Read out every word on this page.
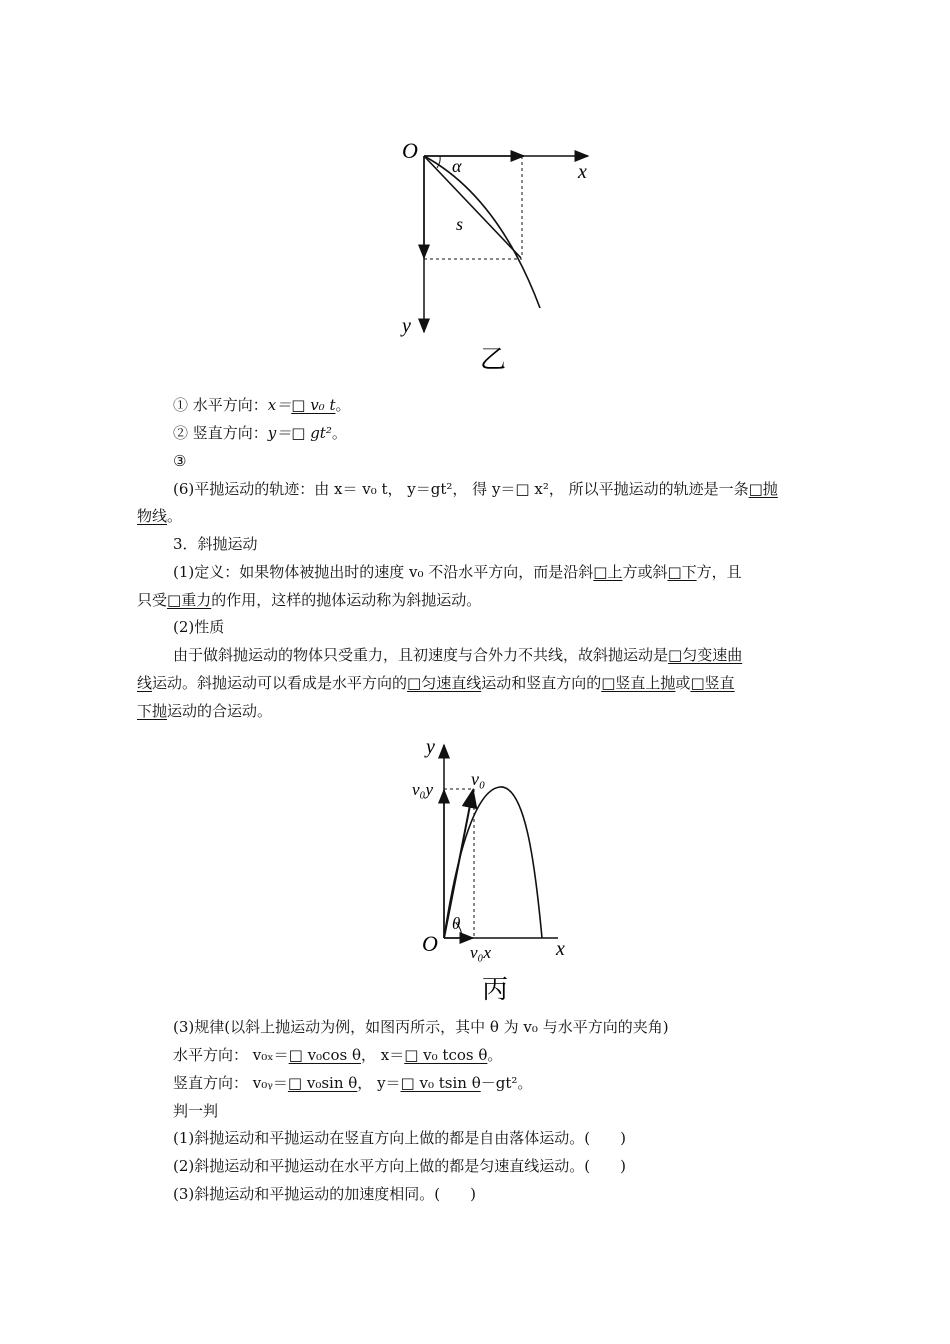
O
α	x
s
y
乙
① 水平方向：x＝□ v₀ t。
② 竖直方向：y＝□ gt²。
③
(6)平抛运动的轨迹：由 x＝ v₀ t， y＝gt²， 得 y＝□ x²， 所以平抛运动的轨迹是一条□抛
物线。
3．斜抛运动
(1)定义：如果物体被抛出时的速度 v₀ 不沿水平方向，而是沿斜□上方或斜□下方，且
只受□重力的作用，这样的抛体运动称为斜抛运动。
(2)性质
由于做斜抛运动的物体只受重力，且初速度与合外力不共线，故斜抛运动是□匀变速曲
线运动。斜抛运动可以看成是水平方向的□匀速直线运动和竖直方向的□竖直上抛或□竖直
下抛运动的合运动。
y
v₀
v₀y
θ
O v₀x	x
丙
(3)规律(以斜上抛运动为例，如图丙所示，其中 θ 为 v₀ 与水平方向的夹角)
水平方向： v₀ₓ＝□ v₀cos θ， x＝□ v₀ tcos θ。
竖直方向： v₀ᵧ＝□ v₀sin θ， y＝□ v₀ tsin θ－gt²。
判一判
(1)斜抛运动和平抛运动在竖直方向上做的都是自由落体运动。(　　)
(2)斜抛运动和平抛运动在水平方向上做的都是匀速直线运动。(　　)
(3)斜抛运动和平抛运动的加速度相同。(　　)
